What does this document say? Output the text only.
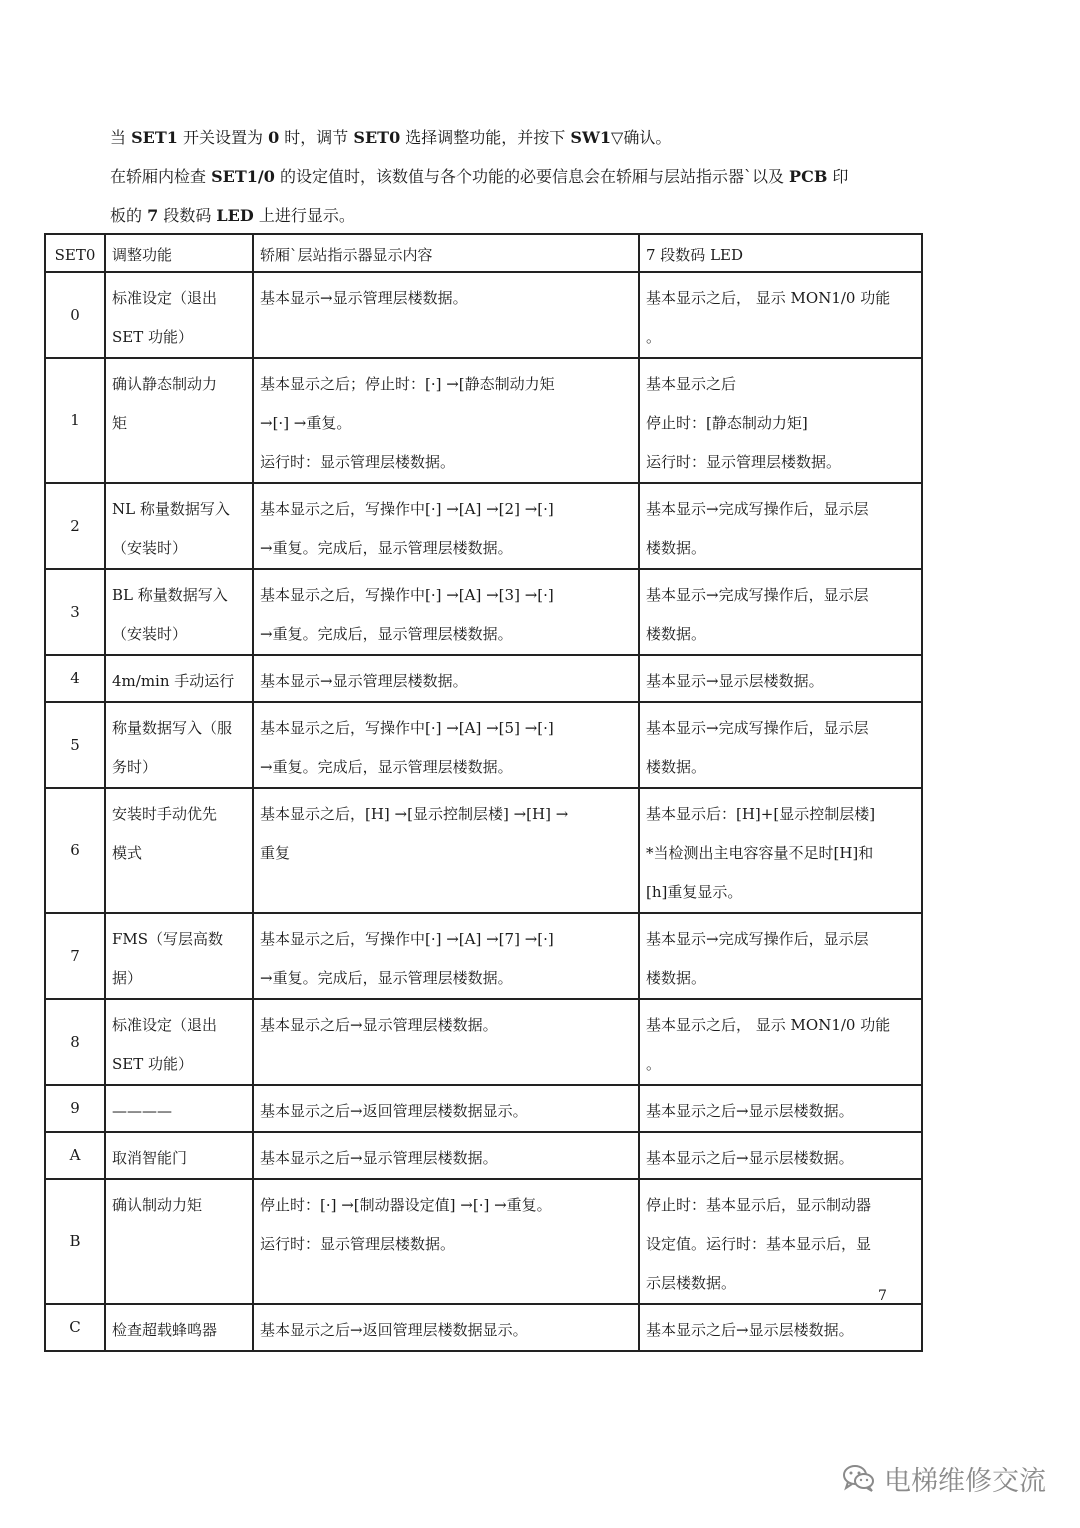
当 SET1 开关设置为 0 时，调节 SET0 选择调整功能，并按下 SW1▽确认。
在轿厢内检查 SET1/0 的设定值时，该数值与各个功能的必要信息会在轿厢与层站指示器`以及 PCB 印
板的 7 段数码 LED 上进行显示。
SET0	调整功能	轿厢`层站指示器显示内容	7 段数码 LED
0	标准设定（退出
SET 功能）	基本显示→显示管理层楼数据。	基本显示之后， 显示 MON1/0 功能
。

1	确认静态制动力
矩	基本显示之后；停止时：[·] →[静态制动力矩
→[·] →重复。
运行时：显示管理层楼数据。	基本显示之后
停止时：[静态制动力矩]
运行时：显示管理层楼数据。

2	NL 称量数据写入
（安装时）	基本显示之后，写操作中[·] →[A] →[2] →[·]
→重复。完成后，显示管理层楼数据。	基本显示→完成写操作后，显示层
楼数据。

3	BL 称量数据写入
（安装时）	基本显示之后，写操作中[·] →[A] →[3] →[·]
→重复。完成后，显示管理层楼数据。	基本显示→完成写操作后，显示层
楼数据。

4	4m/min 手动运行	基本显示→显示管理层楼数据。	基本显示→显示层楼数据。

5	称量数据写入（服
务时）	基本显示之后，写操作中[·] →[A] →[5] →[·]
→重复。完成后，显示管理层楼数据。	基本显示→完成写操作后，显示层
楼数据。

6	安装时手动优先
模式	基本显示之后，[H] →[显示控制层楼] →[H] →
重复	基本显示后：[H]+[显示控制层楼]
*当检测出主电容容量不足时[H]和
[h]重复显示。

7	FMS（写层高数
据）	基本显示之后，写操作中[·] →[A] →[7] →[·]
→重复。完成后，显示管理层楼数据。	基本显示→完成写操作后，显示层
楼数据。

8	标准设定（退出
SET 功能）	基本显示之后→显示管理层楼数据。	基本显示之后， 显示 MON1/0 功能
。

9	————	基本显示之后→返回管理层楼数据显示。	基本显示之后→显示层楼数据。

A	取消智能门	基本显示之后→显示管理层楼数据。	基本显示之后→显示层楼数据。

B	确认制动力矩	停止时：[·] →[制动器设定值] →[·] →重复。
运行时：显示管理层楼数据。	停止时：基本显示后，显示制动器
设定值。运行时：基本显示后，显
示层楼数据。

C	检查超载蜂鸣器	基本显示之后→返回管理层楼数据显示。	基本显示之后→显示层楼数据。
7
电梯维修交流
